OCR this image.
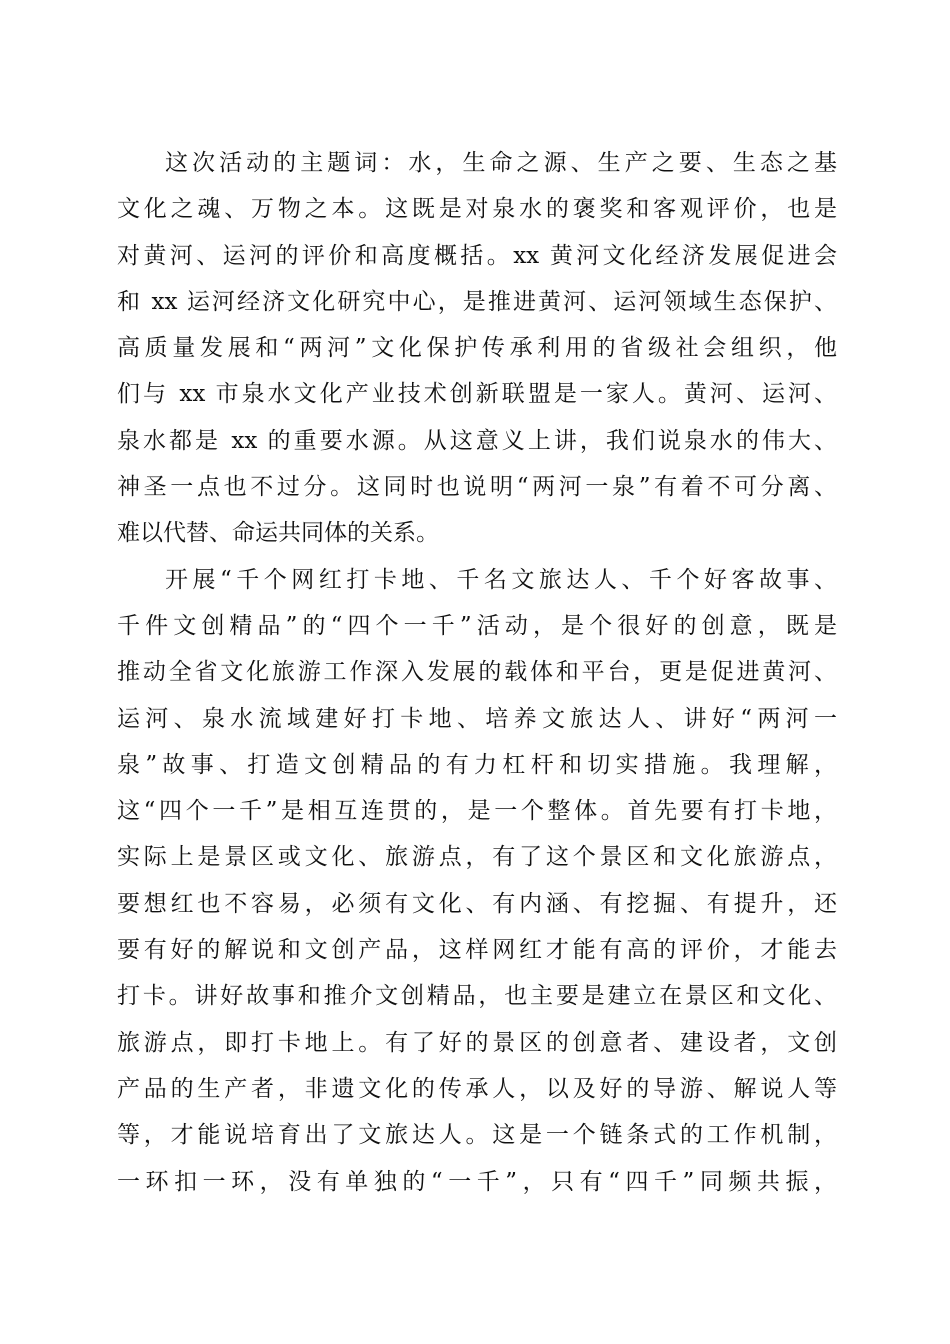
这次活动的主题词：水，生命之源、生产之要、生态之基
文化之魂、万物之本。这既是对泉水的褒奖和客观评价，也是
对黄河、运河的评价和高度概括。xx 黄河文化经济发展促进会
和 xx 运河经济文化研究中心，是推进黄河、运河领域生态保护、
高质量发展和“两河”文化保护传承利用的省级社会组织，他
们与 xx 市泉水文化产业技术创新联盟是一家人。黄河、运河、
泉水都是 xx 的重要水源。从这意义上讲，我们说泉水的伟大、
神圣一点也不过分。这同时也说明“两河一泉”有着不可分离、
难以代替、命运共同体的关系。
开展“千个网红打卡地、千名文旅达人、千个好客故事、
千件文创精品”的“四个一千”活动，是个很好的创意，既是
推动全省文化旅游工作深入发展的载体和平台，更是促进黄河、
运河、泉水流域建好打卡地、培养文旅达人、讲好“两河一
泉”故事、打造文创精品的有力杠杆和切实措施。我理解，
这“四个一千”是相互连贯的，是一个整体。首先要有打卡地，
实际上是景区或文化、旅游点，有了这个景区和文化旅游点，
要想红也不容易，必须有文化、有内涵、有挖掘、有提升，还
要有好的解说和文创产品，这样网红才能有高的评价，才能去
打卡。讲好故事和推介文创精品，也主要是建立在景区和文化、
旅游点，即打卡地上。有了好的景区的创意者、建设者，文创
产品的生产者，非遗文化的传承人，以及好的导游、解说人等
等，才能说培育出了文旅达人。这是一个链条式的工作机制，
一环扣一环，没有单独的“一千”，只有“四千”同频共振，
